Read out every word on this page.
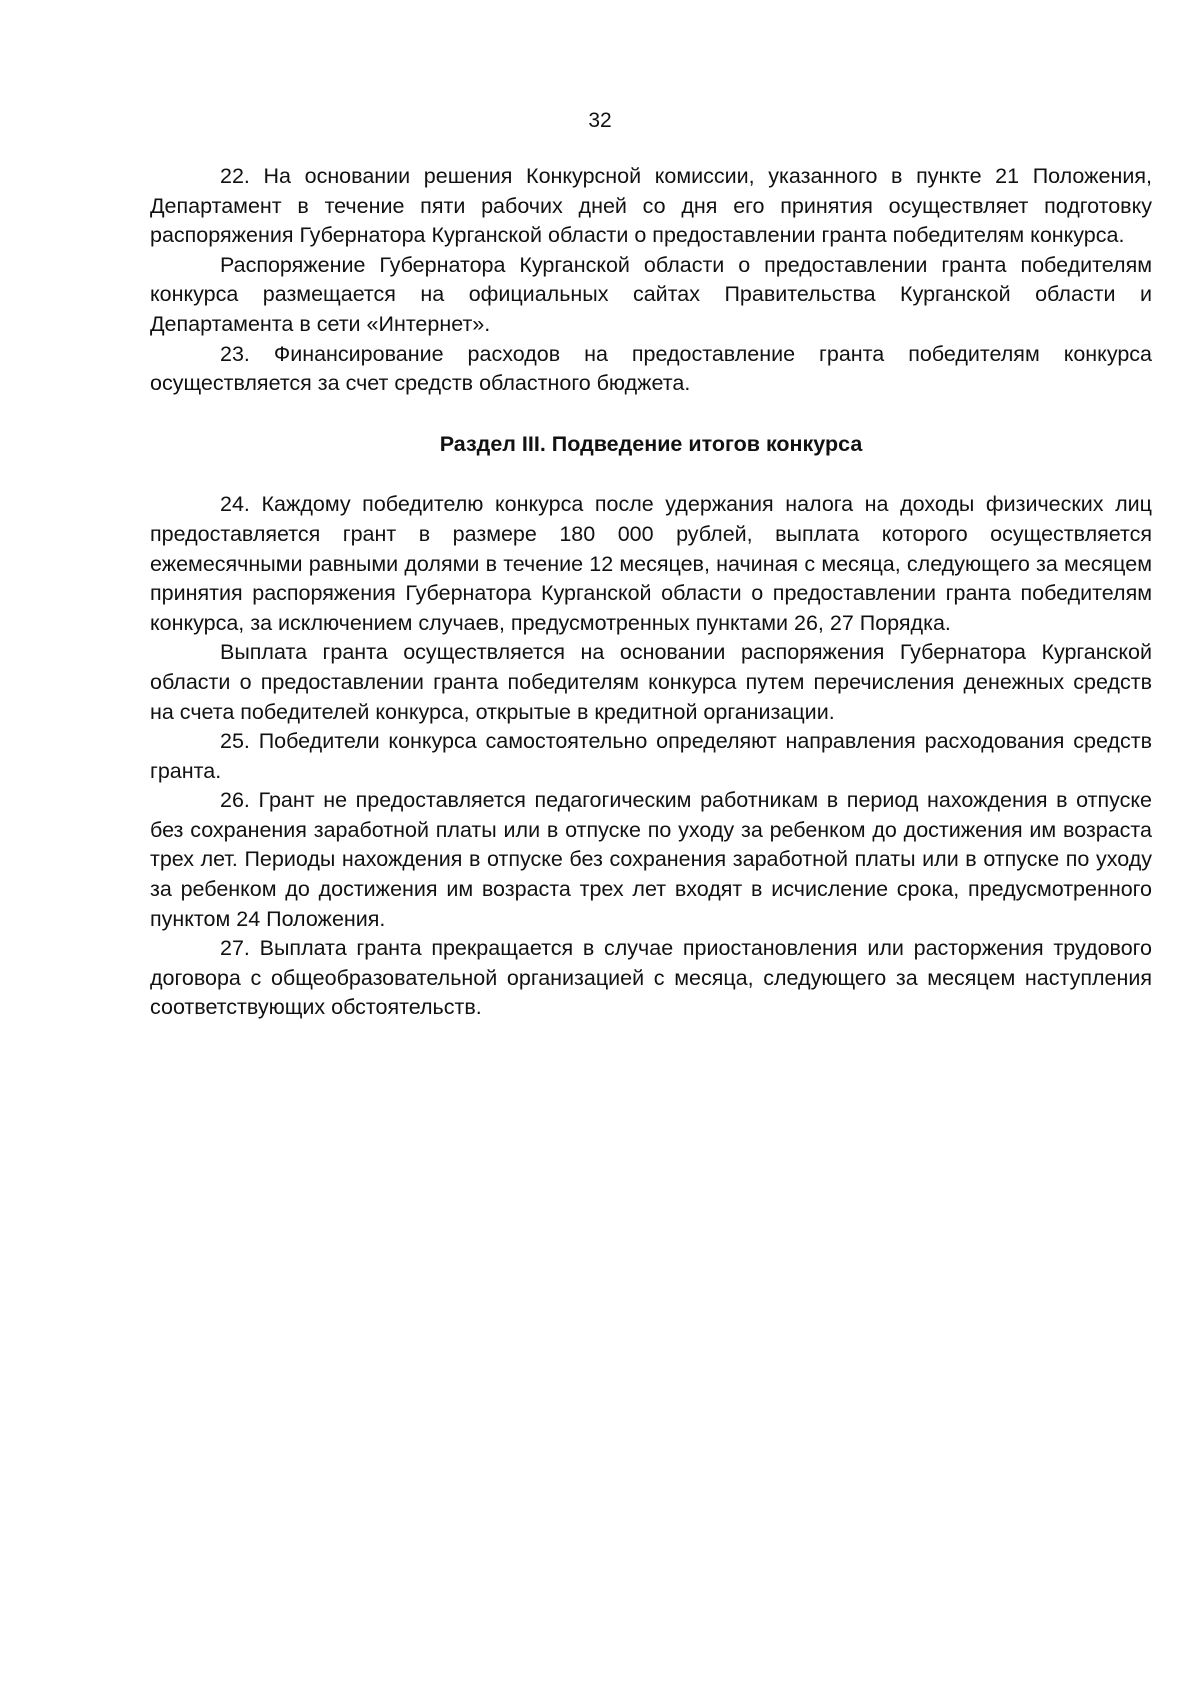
32

22. На основании решения Конкурсной комиссии, указанного в пункте 21 Положения, Департамент в течение пяти рабочих дней со дня его принятия осуществляет подготовку распоряжения Губернатора Курганской области о предоставлении гранта победителям конкурса.

Распоряжение Губернатора Курганской области о предоставлении гранта победителям конкурса размещается на официальных сайтах Правительства Курганской области и Департамента в сети «Интернет».

23. Финансирование расходов на предоставление гранта победителям конкурса осуществляется за счет средств областного бюджета.

Раздел III. Подведение итогов конкурса

24. Каждому победителю конкурса после удержания налога на доходы физических лиц предоставляется грант в размере 180 000 рублей, выплата которого осуществляется ежемесячными равными долями в течение 12 месяцев, начиная с месяца, следующего за месяцем принятия распоряжения Губернатора Курганской области о предоставлении гранта победителям конкурса, за исключением случаев, предусмотренных пунктами 26, 27 Порядка.

Выплата гранта осуществляется на основании распоряжения Губернатора Курганской области о предоставлении гранта победителям конкурса путем перечисления денежных средств на счета победителей конкурса, открытые в кредитной организации.

25. Победители конкурса самостоятельно определяют направления расходования средств гранта.

26. Грант не предоставляется педагогическим работникам в период нахождения в отпуске без сохранения заработной платы или в отпуске по уходу за ребенком до достижения им возраста трех лет. Периоды нахождения в отпуске без сохранения заработной платы или в отпуске по уходу за ребенком до достижения им возраста трех лет входят в исчисление срока, предусмотренного пунктом 24 Положения.

27. Выплата гранта прекращается в случае приостановления или расторжения трудового договора с общеобразовательной организацией с месяца, следующего за месяцем наступления соответствующих обстоятельств.
